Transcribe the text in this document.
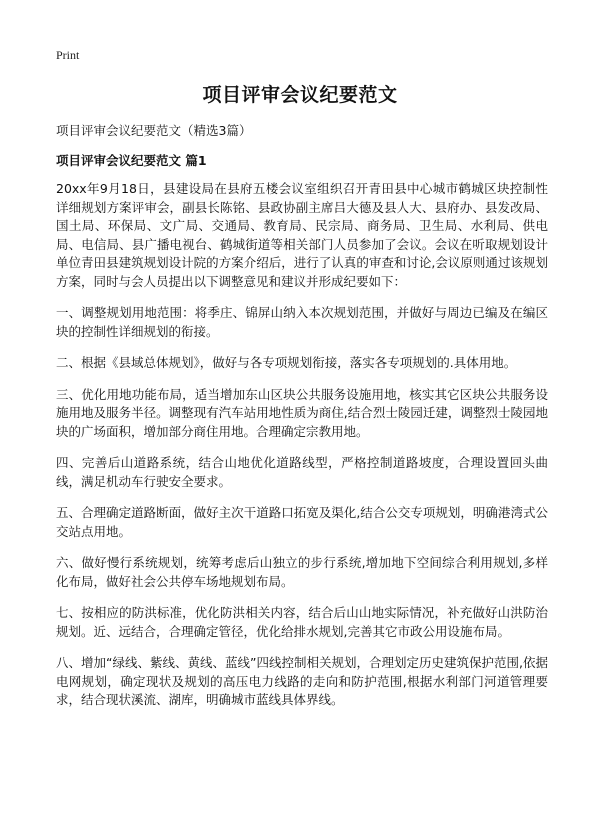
Print
项目评审会议纪要范文

项目评审会议纪要范文（精选3篇）

项目评审会议纪要范文 篇1

20xx年9月18日，县建设局在县府五楼会议室组织召开青田县中心城市鹤城区块控制性详细规划方案评审会，副县长陈铭、县政协副主席吕大德及县人大、县府办、县发改局、国土局、环保局、文广局、交通局、教育局、民宗局、商务局、卫生局、水利局、供电局、电信局、县广播电视台、鹤城街道等相关部门人员参加了会议。会议在听取规划设计单位青田县建筑规划设计院的方案介绍后，进行了认真的审查和讨论,会议原则通过该规划方案，同时与会人员提出以下调整意见和建议并形成纪要如下：

一、调整规划用地范围：将季庄、锦屏山纳入本次规划范围，并做好与周边已编及在编区块的控制性详细规划的衔接。

二、根据《县域总体规划》，做好与各专项规划衔接，落实各专项规划的.具体用地。

三、优化用地功能布局，适当增加东山区块公共服务设施用地，核实其它区块公共服务设施用地及服务半径。调整现有汽车站用地性质为商住,结合烈士陵园迁建，调整烈士陵园地块的广场面积，增加部分商住用地。合理确定宗教用地。

四、完善后山道路系统，结合山地优化道路线型，严格控制道路坡度，合理设置回头曲线，满足机动车行驶安全要求。

五、合理确定道路断面，做好主次干道路口拓宽及渠化,结合公交专项规划，明确港湾式公交站点用地。

六、做好慢行系统规划，统筹考虑后山独立的步行系统,增加地下空间综合利用规划,多样化布局，做好社会公共停车场地规划布局。

七、按相应的防洪标准，优化防洪相关内容，结合后山山地实际情况，补充做好山洪防治规划。近、远结合，合理确定管径，优化给排水规划,完善其它市政公用设施布局。

八、增加“绿线、紫线、黄线、蓝线”四线控制相关规划，合理划定历史建筑保护范围,依据电网规划，确定现状及规划的高压电力线路的走向和防护范围,根据水利部门河道管理要求，结合现状溪流、湖库，明确城市蓝线具体界线。
